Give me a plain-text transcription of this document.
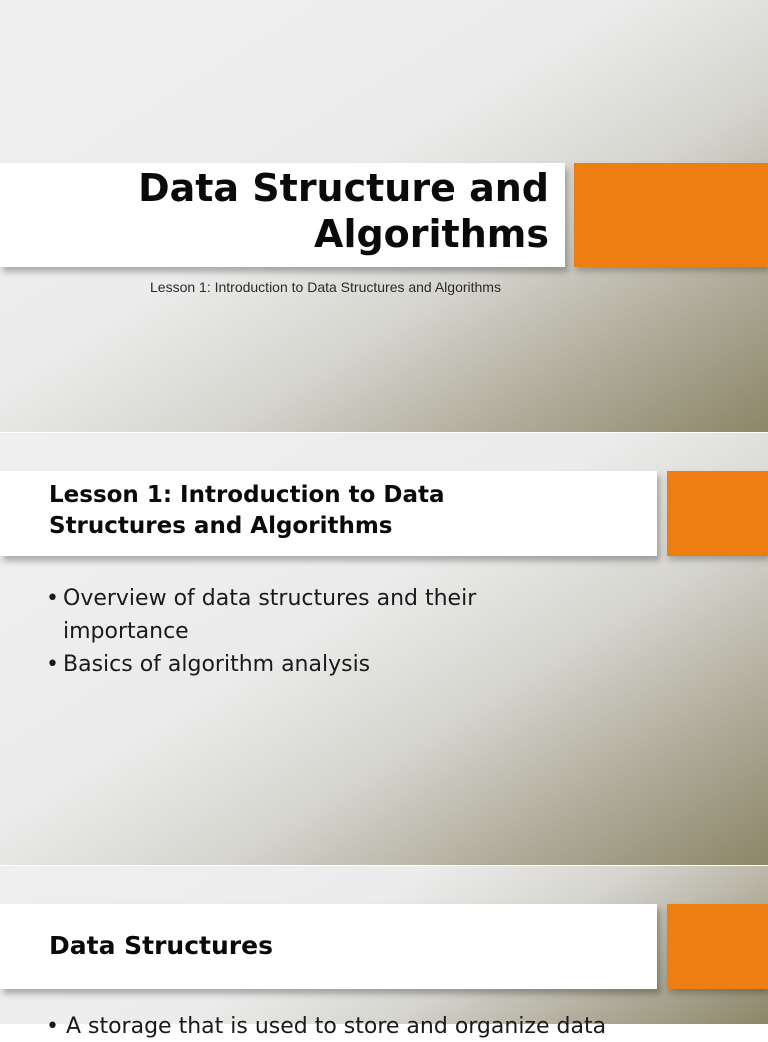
Data Structure and
Algorithms
Lesson 1: Introduction to Data Structures and Algorithms
Lesson 1: Introduction to Data
Structures and Algorithms
• Overview of data structures and their
importance
• Basics of algorithm analysis
Data Structures
• A storage that is used to store and organize data
